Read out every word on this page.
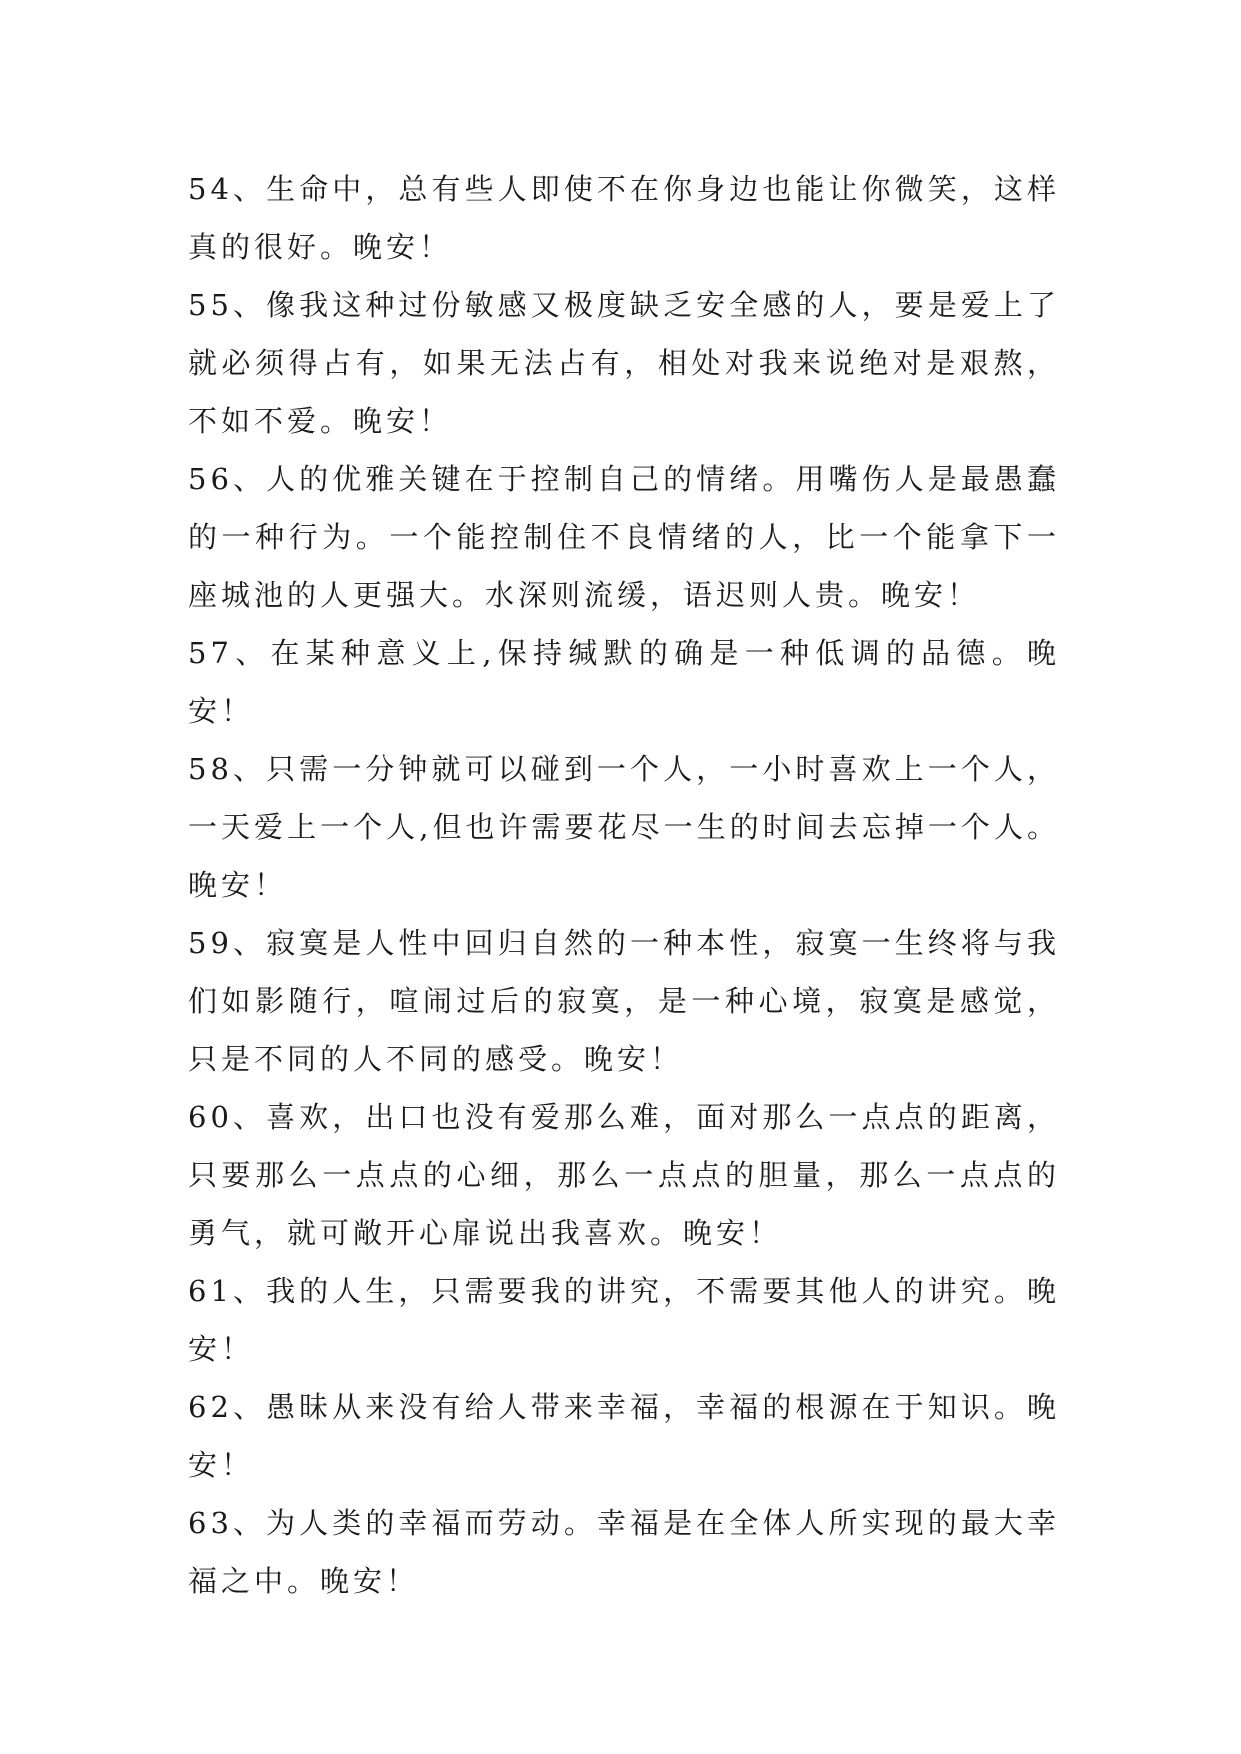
54、生命中，总有些人即使不在你身边也能让你微笑，这样真的很好。晚安！

55、像我这种过份敏感又极度缺乏安全感的人，要是爱上了就必须得占有，如果无法占有，相处对我来说绝对是艰熬，不如不爱。晚安！

56、人的优雅关键在于控制自己的情绪。用嘴伤人是最愚蠢的一种行为。一个能控制住不良情绪的人，比一个能拿下一座城池的人更强大。水深则流缓，语迟则人贵。晚安！

57、在某种意义上,保持缄默的确是一种低调的品德。晚安！

58、只需一分钟就可以碰到一个人，一小时喜欢上一个人，一天爱上一个人,但也许需要花尽一生的时间去忘掉一个人。晚安！

59、寂寞是人性中回归自然的一种本性，寂寞一生终将与我们如影随行，喧闹过后的寂寞，是一种心境，寂寞是感觉，只是不同的人不同的感受。晚安！

60、喜欢，出口也没有爱那么难，面对那么一点点的距离，只要那么一点点的心细，那么一点点的胆量，那么一点点的勇气，就可敞开心扉说出我喜欢。晚安！

61、我的人生，只需要我的讲究，不需要其他人的讲究。晚安！

62、愚昧从来没有给人带来幸福，幸福的根源在于知识。晚安！

63、为人类的幸福而劳动。幸福是在全体人所实现的最大幸福之中。晚安！
